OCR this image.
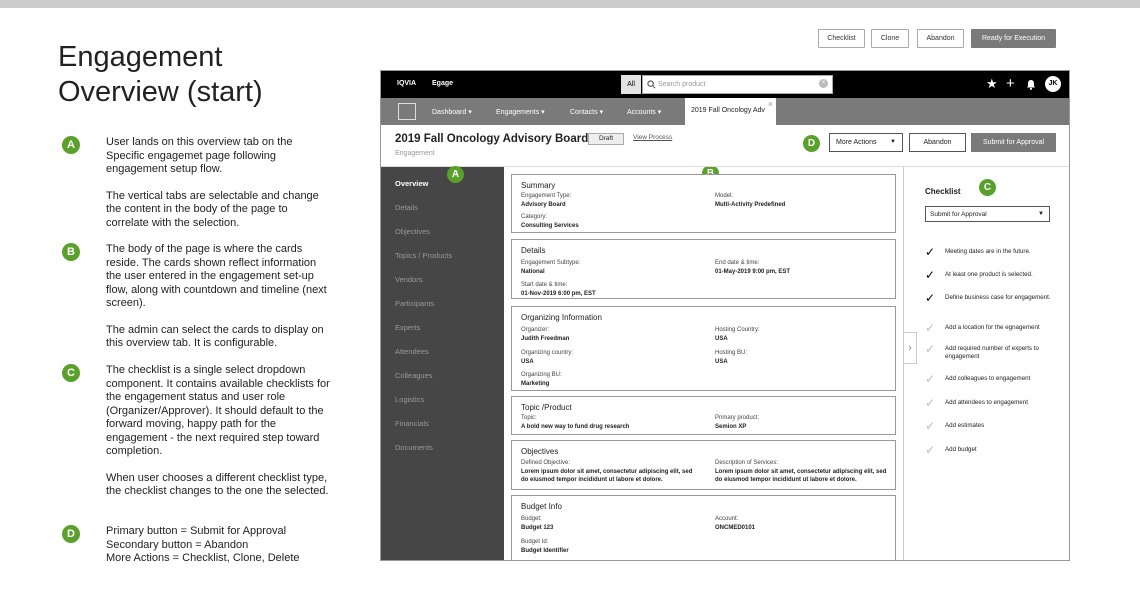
Engagement Overview (start)
A	User lands on this overview tab on the Specific engagemet page following engagement setup flow.

The vertical tabs are selectable and change the content in the body of the page to correlate with the selection.

B	The body of the page is where the cards reside. The cards shown reflect information the user entered in the engagement set-up flow, along with countdown and timeline (next screen).

The admin can select the cards to display on this overview tab. It is configurable.

C	The checklist is a single select dropdown component. It contains available checklists for the engagement status and user role (Organizer/Approver). It should default to the forward moving, happy path for the engagement - the next required step toward completion.

When user chooses a different checklist type, the checklist changes to the one the selected.

D	Primary button = Submit for Approval
Secondary button = Abandon
More Actions = Checklist, Clone, Delete

Checklist	Clone	Abandon	Ready for Execution
IQVIA Egage	All	Search product	×	★ +	JK
Dashboard ▾	Engagements ▾	Contacts ▾	Accounts ▾	2019 Fall Oncology Adv
×
2019 Fall Oncology Advisory Board
Engagement
Draft	View Process
D	More Actions ▼	Abandon	Submit for Approval
Overview
Details
Objectives
Topics / Products
Vendors
Participants
Experts
Attendees
Colleagues
Logistics
Financials
Documents
A
Summary
Engagement Type:
Advisory Board
Model:
Multi-Activity Predefined
Category:
Consulting Services
Details
Engagement Subtype:
National
End date & time:
01-May-2019 9:00 pm, EST
Start date & time:
01-Nov-2019 6:00 pm, EST
Organizing Information
Organizer:
Judith Freedman
Hosting Country:
USA
Organizing country:
USA
Hosting BU:
USA
Organizing BU:
Marketing
Topic /Product
Topic:
A bold new way to fund drug research
Primary product:
Semion XP
Objectives
Defined Objective:
Lorem ipsum dolor sit amet, consectetur adipiscing elit, sed do eiusmod tempor incididunt ut labore et dolore.
Description of Services:
Lorem ipsum dolor sit amet, consectetur adipiscing elit, sed do eiusmod tempor incididunt ut labore et dolore.
Budget Info
Budget:
Budget 123
Account:
ONCMED0101
Budget Id:
Budget Identifier
›
Checklist	C
Submit for Approval	▼
✓ Meeting dates are in the future.
✓ At least one product is selected.
✓ Define business case for engagement.
✓ Add a location for the egnagement
✓ Add required number of experts to engagement
✓ Add colleagues to engagement
✓ Add attendees to engagement
✓ Add estimates
✓ Add budget
